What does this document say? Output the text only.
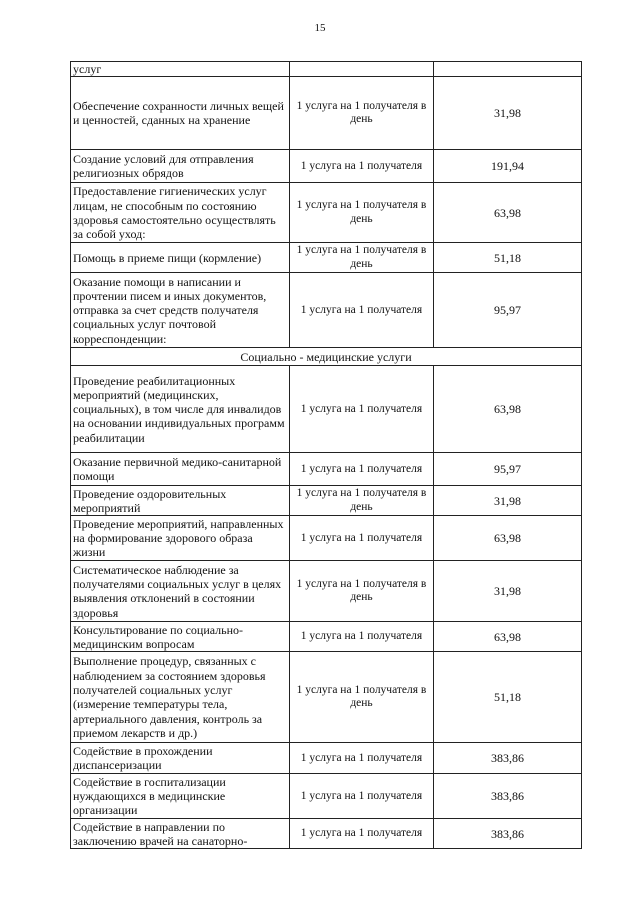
15
услуг		
Обеспечение сохранности личных вещей и ценностей, сданных на хранение	1 услуга на 1 получателя в день	31,98
Создание условий для отправления религиозных обрядов	1 услуга на 1 получателя	191,94
Предоставление гигиенических услуг лицам, не способным по состоянию здоровья самостоятельно осуществлять за собой уход:	1 услуга на 1 получателя в день	63,98
Помощь в приеме пищи (кормление)	1 услуга на 1 получателя в день	51,18
Оказание помощи в написании и прочтении писем и иных документов, отправка за счет средств получателя социальных услуг почтовой корреспонденции:	1 услуга на 1 получателя	95,97
Социально - медицинские услуги		
Проведение реабилитационных мероприятий (медицинских, социальных), в том числе для инвалидов на основании индивидуальных программ реабилитации	1 услуга на 1 получателя	63,98
Оказание первичной медико-санитарной помощи	1 услуга на 1 получателя	95,97
Проведение оздоровительных мероприятий	1 услуга на 1 получателя в день	31,98
Проведение мероприятий, направленных на формирование здорового образа жизни	1 услуга на 1 получателя	63,98
Систематическое наблюдение за получателями социальных услуг в целях выявления отклонений в состоянии здоровья	1 услуга на 1 получателя в день	31,98
Консультирование по социально-медицинским вопросам	1 услуга на 1 получателя	63,98
Выполнение процедур, связанных с наблюдением за состоянием здоровья получателей социальных услуг (измерение температуры тела, артериального давления, контроль за приемом лекарств и др.)	1 услуга на 1 получателя в день	51,18
Содействие в прохождении диспансеризации	1 услуга на 1 получателя	383,86
Содействие в госпитализации нуждающихся в медицинские организации	1 услуга на 1 получателя	383,86
Содействие в направлении по заключению врачей на санаторно-	1 услуга на 1 получателя	383,86
